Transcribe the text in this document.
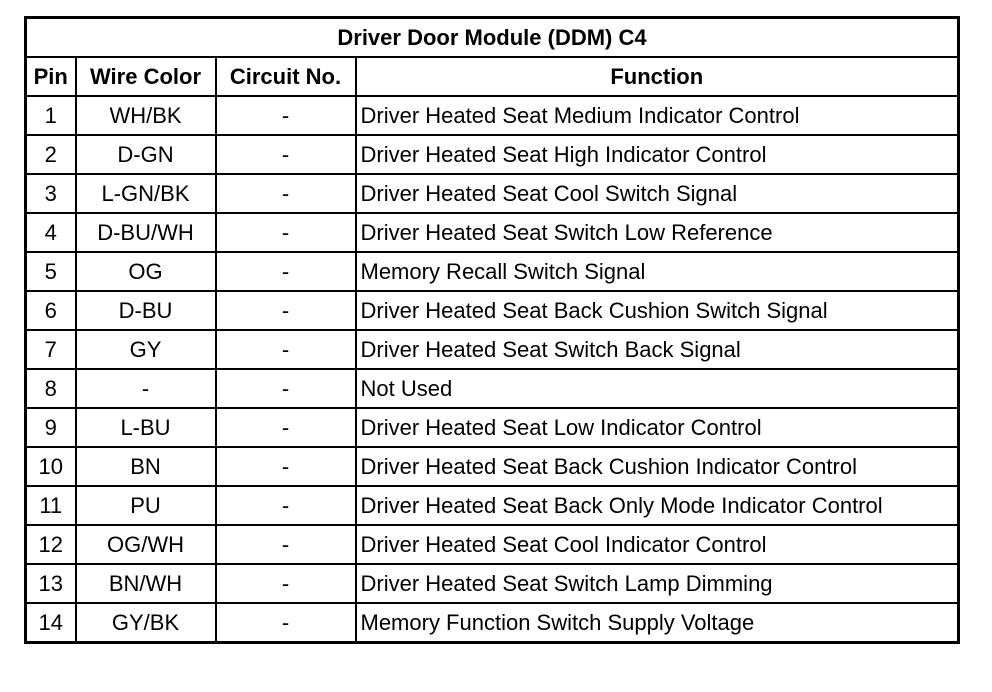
Driver Door Module (DDM) C4			
Pin	Wire Color	Circuit No.	Function
1	WH/BK	-	Driver Heated Seat Medium Indicator Control
2	D-GN	-	Driver Heated Seat High Indicator Control
3	L-GN/BK	-	Driver Heated Seat Cool Switch Signal
4	D-BU/WH	-	Driver Heated Seat Switch Low Reference
5	OG	-	Memory Recall Switch Signal
6	D-BU	-	Driver Heated Seat Back Cushion Switch Signal
7	GY	-	Driver Heated Seat Switch Back Signal
8	-	-	Not Used
9	L-BU	-	Driver Heated Seat Low Indicator Control
10	BN	-	Driver Heated Seat Back Cushion Indicator Control
11	PU	-	Driver Heated Seat Back Only Mode Indicator Control
12	OG/WH	-	Driver Heated Seat Cool Indicator Control
13	BN/WH	-	Driver Heated Seat Switch Lamp Dimming
14	GY/BK	-	Memory Function Switch Supply Voltage
